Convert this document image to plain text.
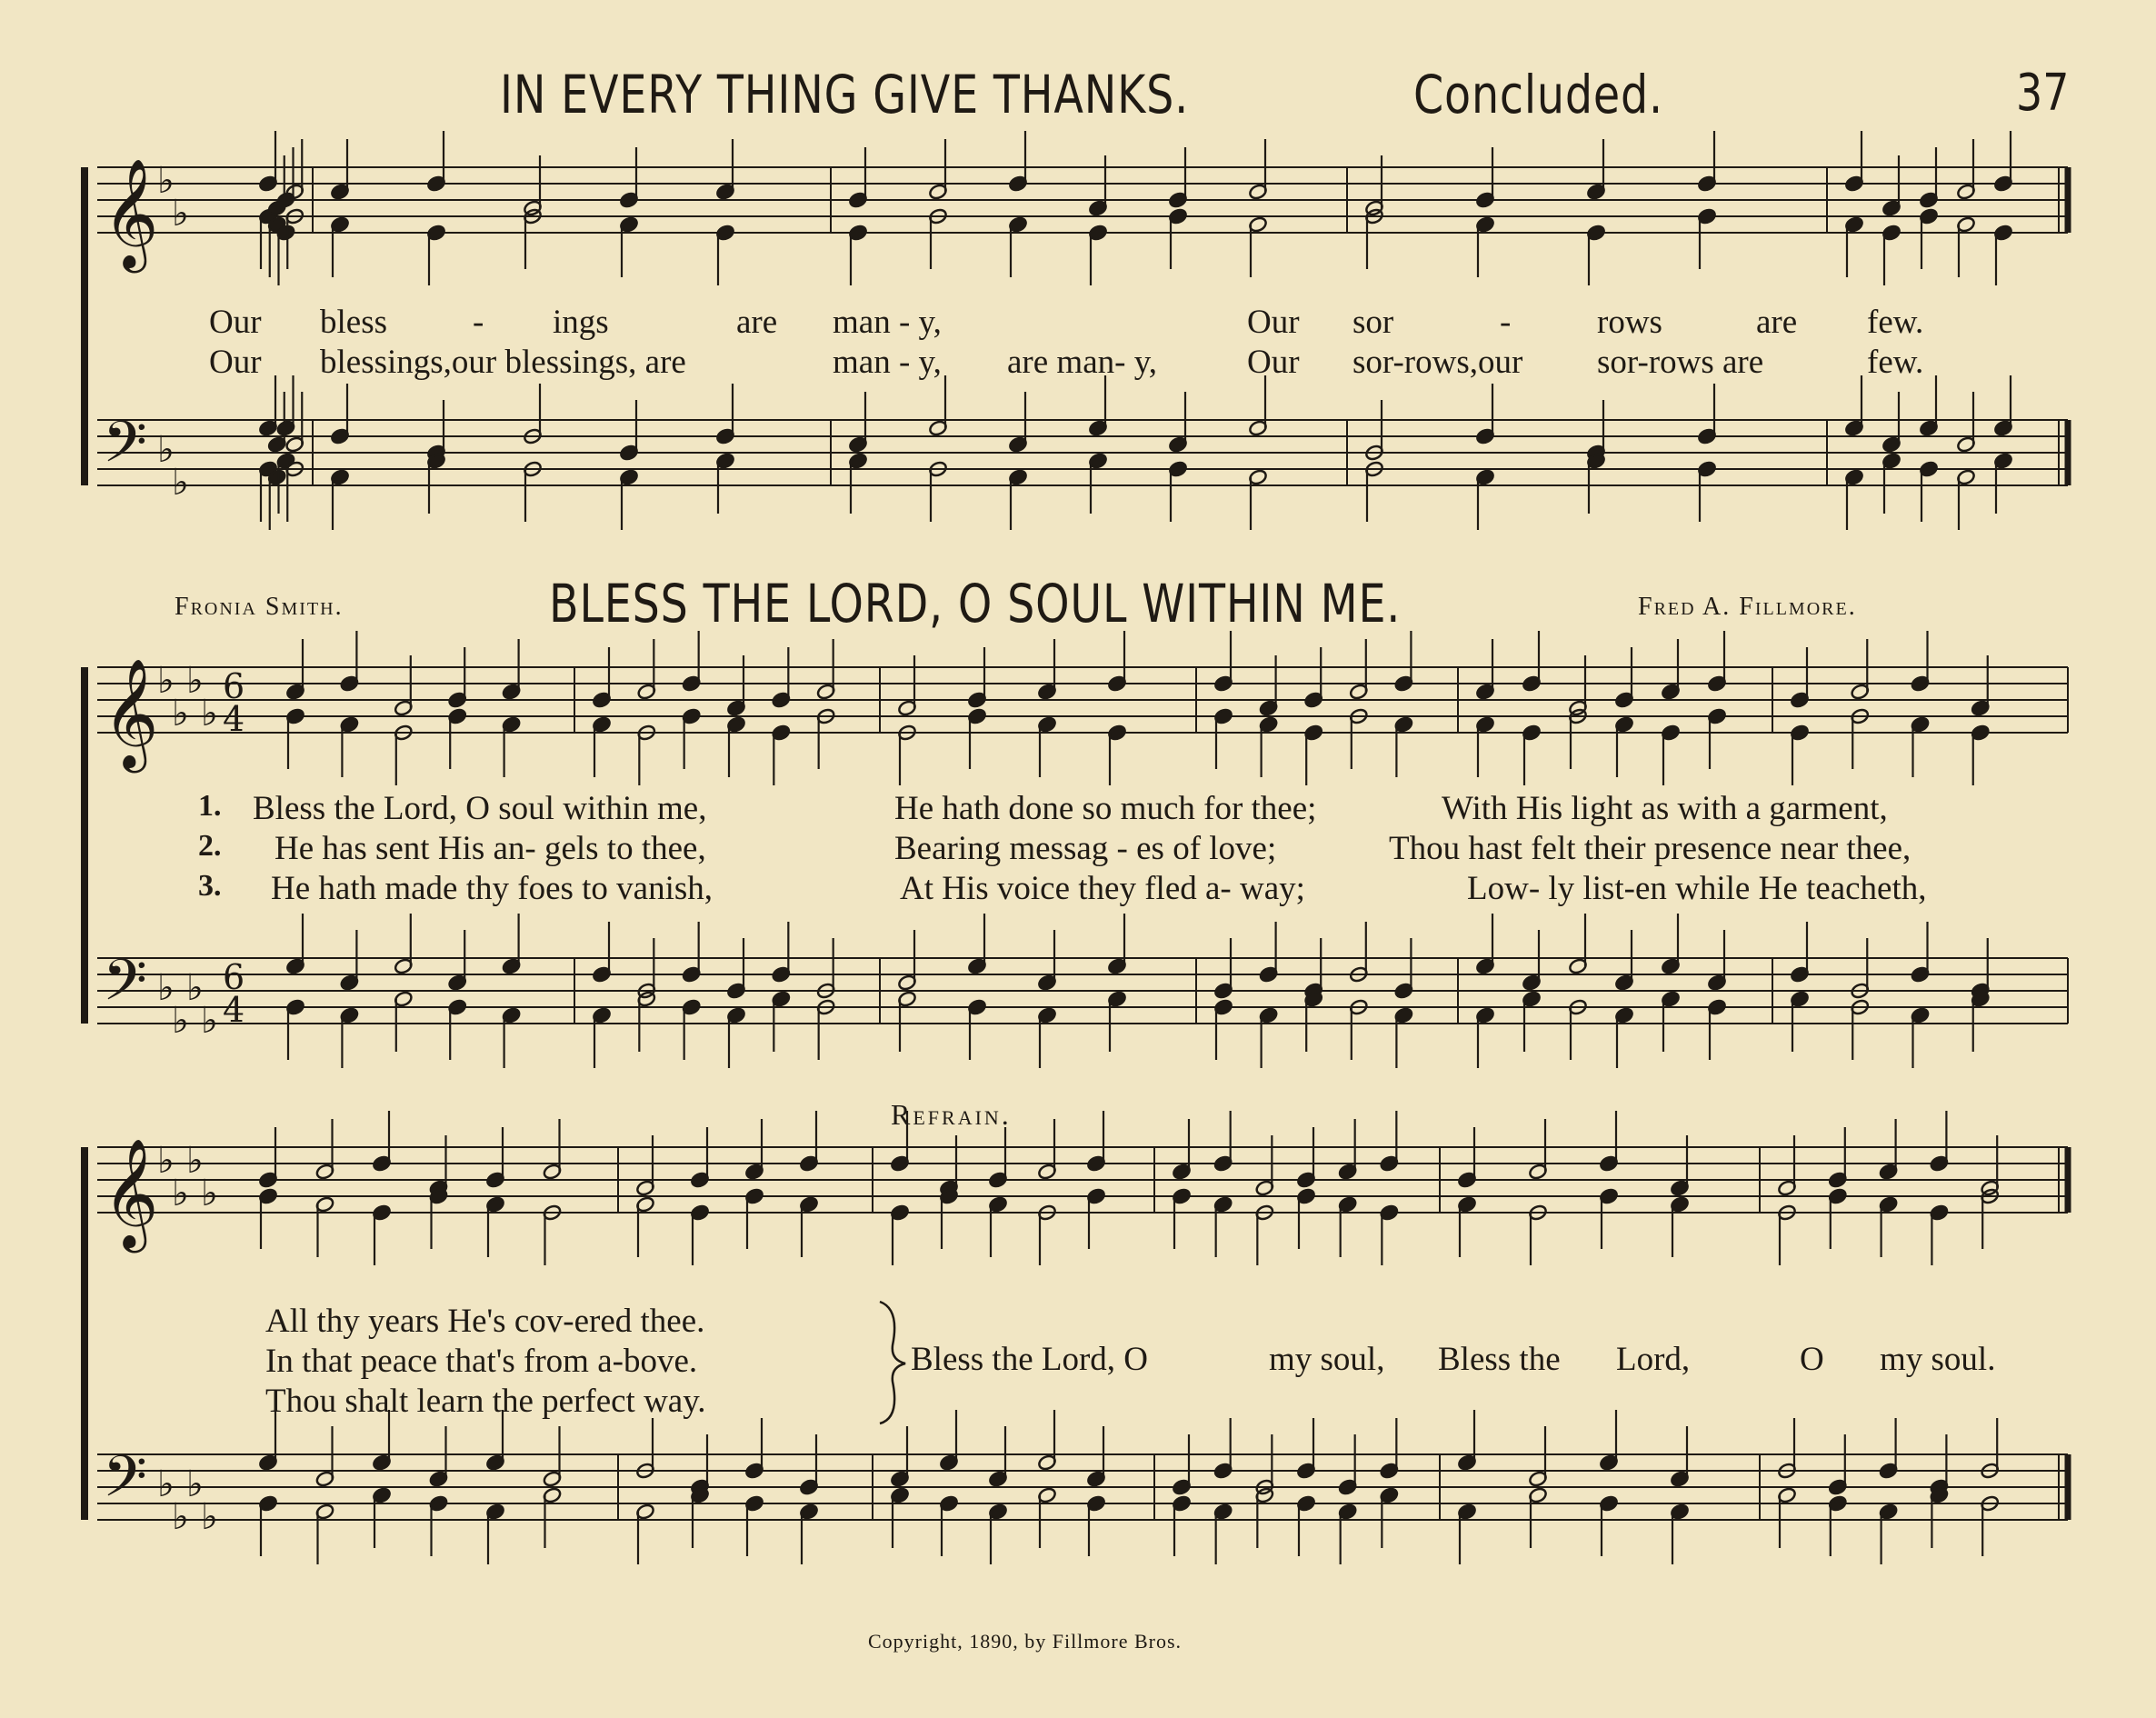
𝄞
𝄢
♭
♭
♭
♭
𝄞
𝄢
♭
♭
♭
♭
♭
♭
♭
♭
6
4
6
4
𝄞
𝄢
♭
♭
♭
♭
♭
♭
♭
♭
IN EVERY THING GIVE THANKS.	Concluded.	37
Our bless	- ings	are man - y,	Our sor	-	rows	are few.
Our blessings,our blessings, are	man - y, are man- y,	Our sor-rows,our sor-rows are	few.
Fronia Smith.	BLESS THE LORD, O SOUL WITHIN ME.	Fred A. Fillmore.
1. Bless the Lord, O soul within me,	He hath done so much for thee;	With His light as with a garment,
2. He has sent His an- gels to thee,	Bearing messag - es of love;	Thou hast felt their presence near thee,
3. He hath made thy foes to vanish,	At His voice they fled a- way;	Low- ly list-en while He teacheth,
Refrain.
All thy years He's cov-ered thee.
In that peace that's from a-bove.
Thou shalt learn the perfect way.
Bless the Lord, O	my soul, Bless the Lord,	O my soul.
Copyright, 1890, by Fillmore Bros.
